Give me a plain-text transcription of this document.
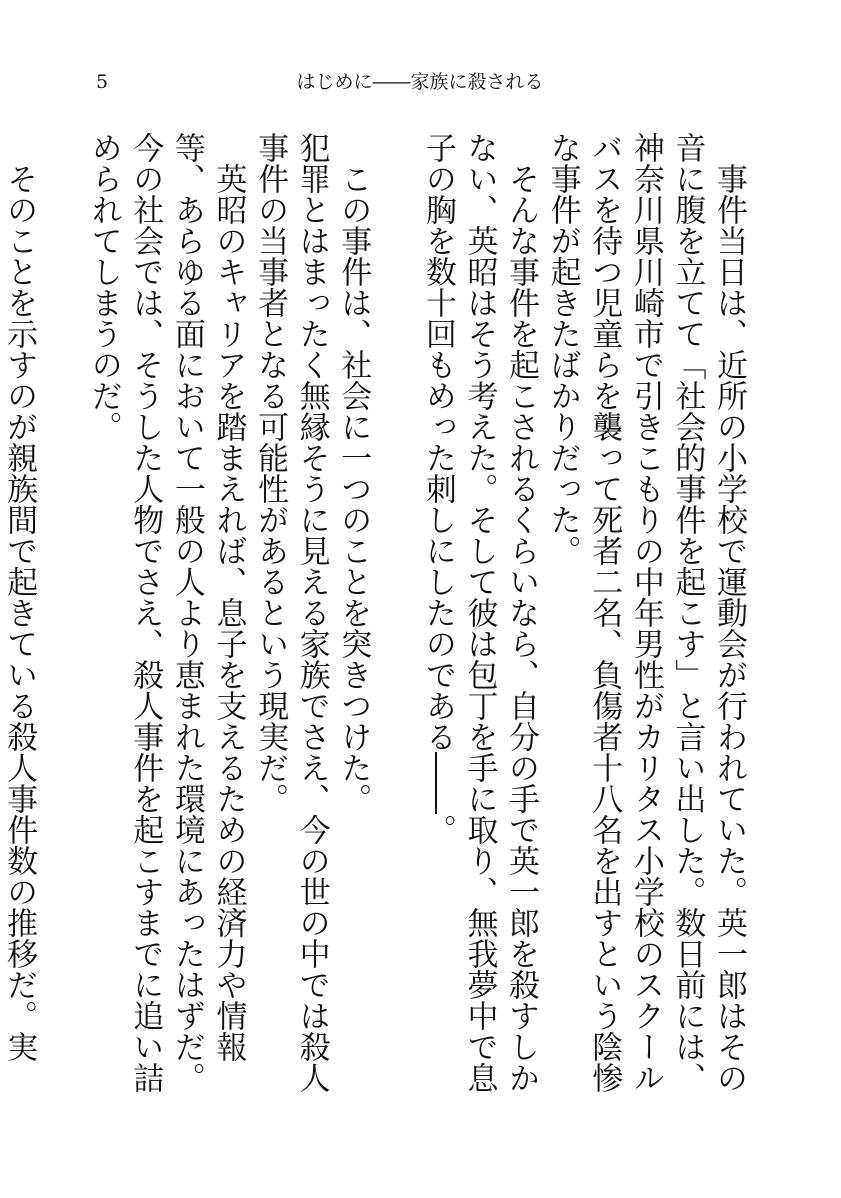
5	はじめに――家族に殺される

事件当日は、近所の小学校で運動会が行われていた。英一郎はその音に腹を立てて「社会的事件を起こす」と言い出した。数日前には、神奈川県川崎市で引きこもりの中年男性がカリタス小学校のスクールバスを待つ児童らを襲って死者二名、負傷者十八名を出すという陰惨な事件が起きたばかりだった。

そんな事件を起こされるくらいなら、自分の手で英一郎を殺すしかない、英昭はそう考えた。そして彼は包丁を手に取り、無我夢中で息子の胸を数十回もめった刺しにしたのである――。

この事件は、社会に一つのことを突きつけた。

犯罪とはまったく無縁そうに見える家族でさえ、今の世の中では殺人事件の当事者となる可能性があるという現実だ。

英昭のキャリアを踏まえれば、息子を支えるための経済力や情報等、あらゆる面において一般の人より恵まれた環境にあったはずだ。今の社会では、そうした人物でさえ、殺人事件を起こすまでに追い詰められてしまうのだ。

そのことを示すのが親族間で起きている殺人事件数の推移だ。実
